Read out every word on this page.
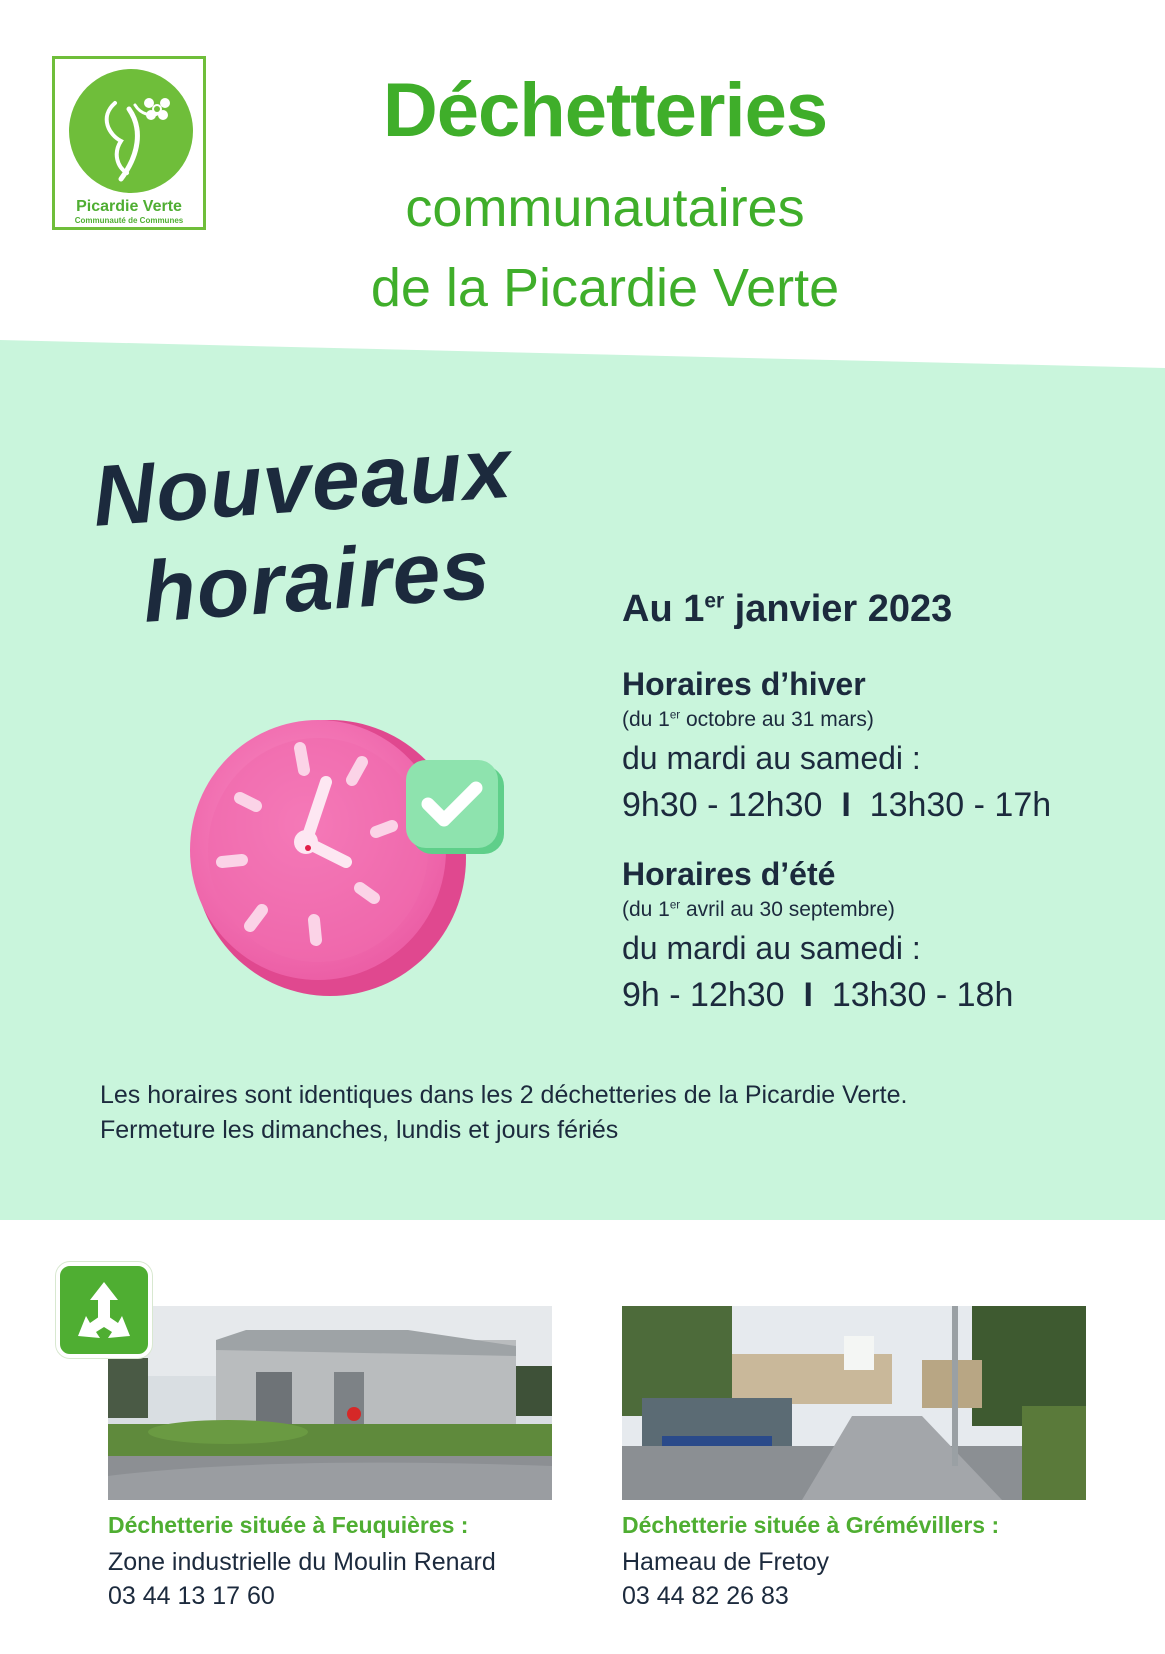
Picardie Verte
Communauté de Communes
Déchetteries
communautaires
de la Picardie Verte
Nouveaux
horaires	Au 1er janvier 2023
Horaires d’hiver
(du 1er octobre au 31 mars)
du mardi au samedi :
9h30 - 12h30 I 13h30 - 17h
Horaires d’été
(du 1er avril au 30 septembre)
du mardi au samedi :
9h - 12h30 I 13h30 - 18h
Les horaires sont identiques dans les 2 déchetteries de la Picardie Verte.
Fermeture les dimanches, lundis et jours fériés
Déchetterie située à Feuquières :
Zone industrielle du Moulin Renard
03 44 13 17 60
Déchetterie située à Grémévillers :
Hameau de Fretoy
03 44 82 26 83
